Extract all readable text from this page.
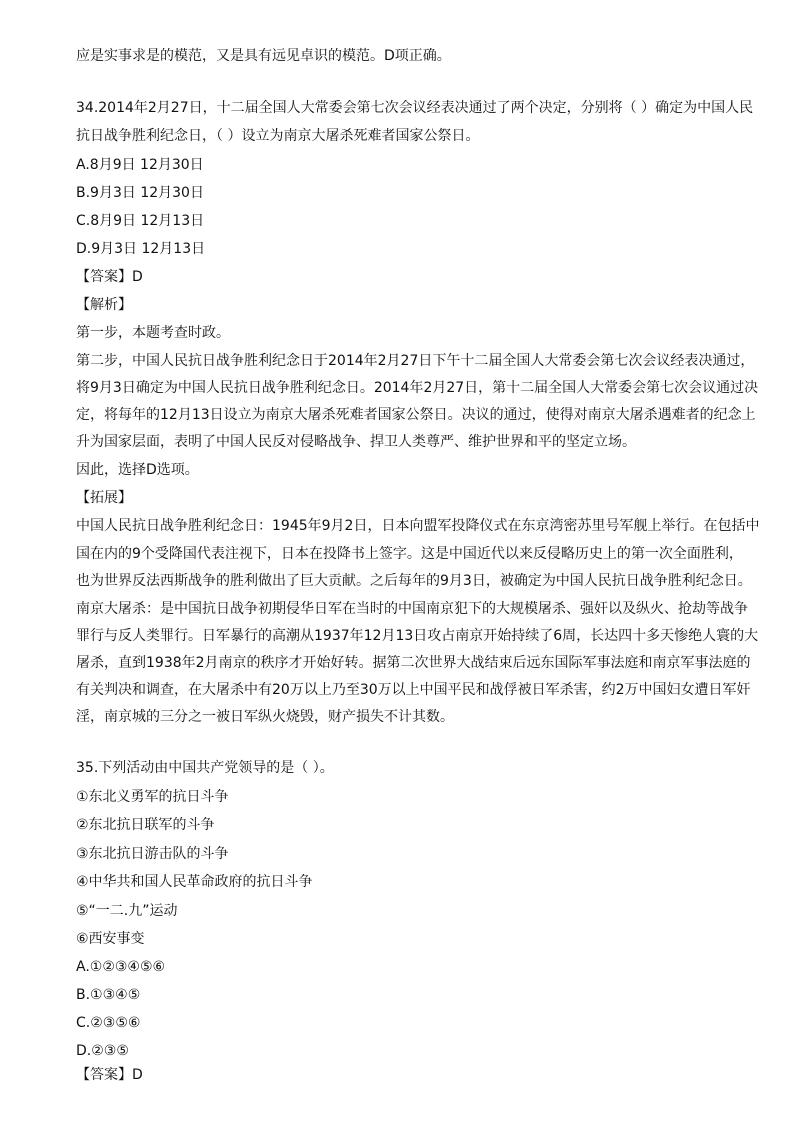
应是实事求是的模范，又是具有远见卓识的模范。D项正确。
34.2014年2月27日，十二届全国人大常委会第七次会议经表决通过了两个决定，分别将（ ）确定为中国人民
抗日战争胜利纪念日，（ ）设立为南京大屠杀死难者国家公祭日。
A.8月9日 12月30日
B.9月3日 12月30日
C.8月9日 12月13日
D.9月3日 12月13日
【答案】D
【解析】
第一步，本题考查时政。
第二步，中国人民抗日战争胜利纪念日于2014年2月27日下午十二届全国人大常委会第七次会议经表决通过，
将9月3日确定为中国人民抗日战争胜利纪念日。2014年2月27日，第十二届全国人大常委会第七次会议通过决
定，将每年的12月13日设立为南京大屠杀死难者国家公祭日。决议的通过，使得对南京大屠杀遇难者的纪念上
升为国家层面，表明了中国人民反对侵略战争、捍卫人类尊严、维护世界和平的坚定立场。
因此，选择D选项。
【拓展】
中国人民抗日战争胜利纪念日：1945年9月2日，日本向盟军投降仪式在东京湾密苏里号军舰上举行。在包括中
国在内的9个受降国代表注视下，日本在投降书上签字。这是中国近代以来反侵略历史上的第一次全面胜利，
也为世界反法西斯战争的胜利做出了巨大贡献。之后每年的9月3日，被确定为中国人民抗日战争胜利纪念日。
南京大屠杀：是中国抗日战争初期侵华日军在当时的中国南京犯下的大规模屠杀、强奸以及纵火、抢劫等战争
罪行与反人类罪行。日军暴行的高潮从1937年12月13日攻占南京开始持续了6周，长达四十多天惨绝人寰的大
屠杀，直到1938年2月南京的秩序才开始好转。据第二次世界大战结束后远东国际军事法庭和南京军事法庭的
有关判决和调查，在大屠杀中有20万以上乃至30万以上中国平民和战俘被日军杀害，约2万中国妇女遭日军奸
淫，南京城的三分之一被日军纵火烧毁，财产损失不计其数。
35.下列活动由中国共产党领导的是（ ）。
①东北义勇军的抗日斗争
②东北抗日联军的斗争
③东北抗日游击队的斗争
④中华共和国人民革命政府的抗日斗争
⑤“一二.九”运动
⑥西安事变
A.①②③④⑤⑥
B.①③④⑤
C.②③⑤⑥
D.②③⑤
【答案】D
